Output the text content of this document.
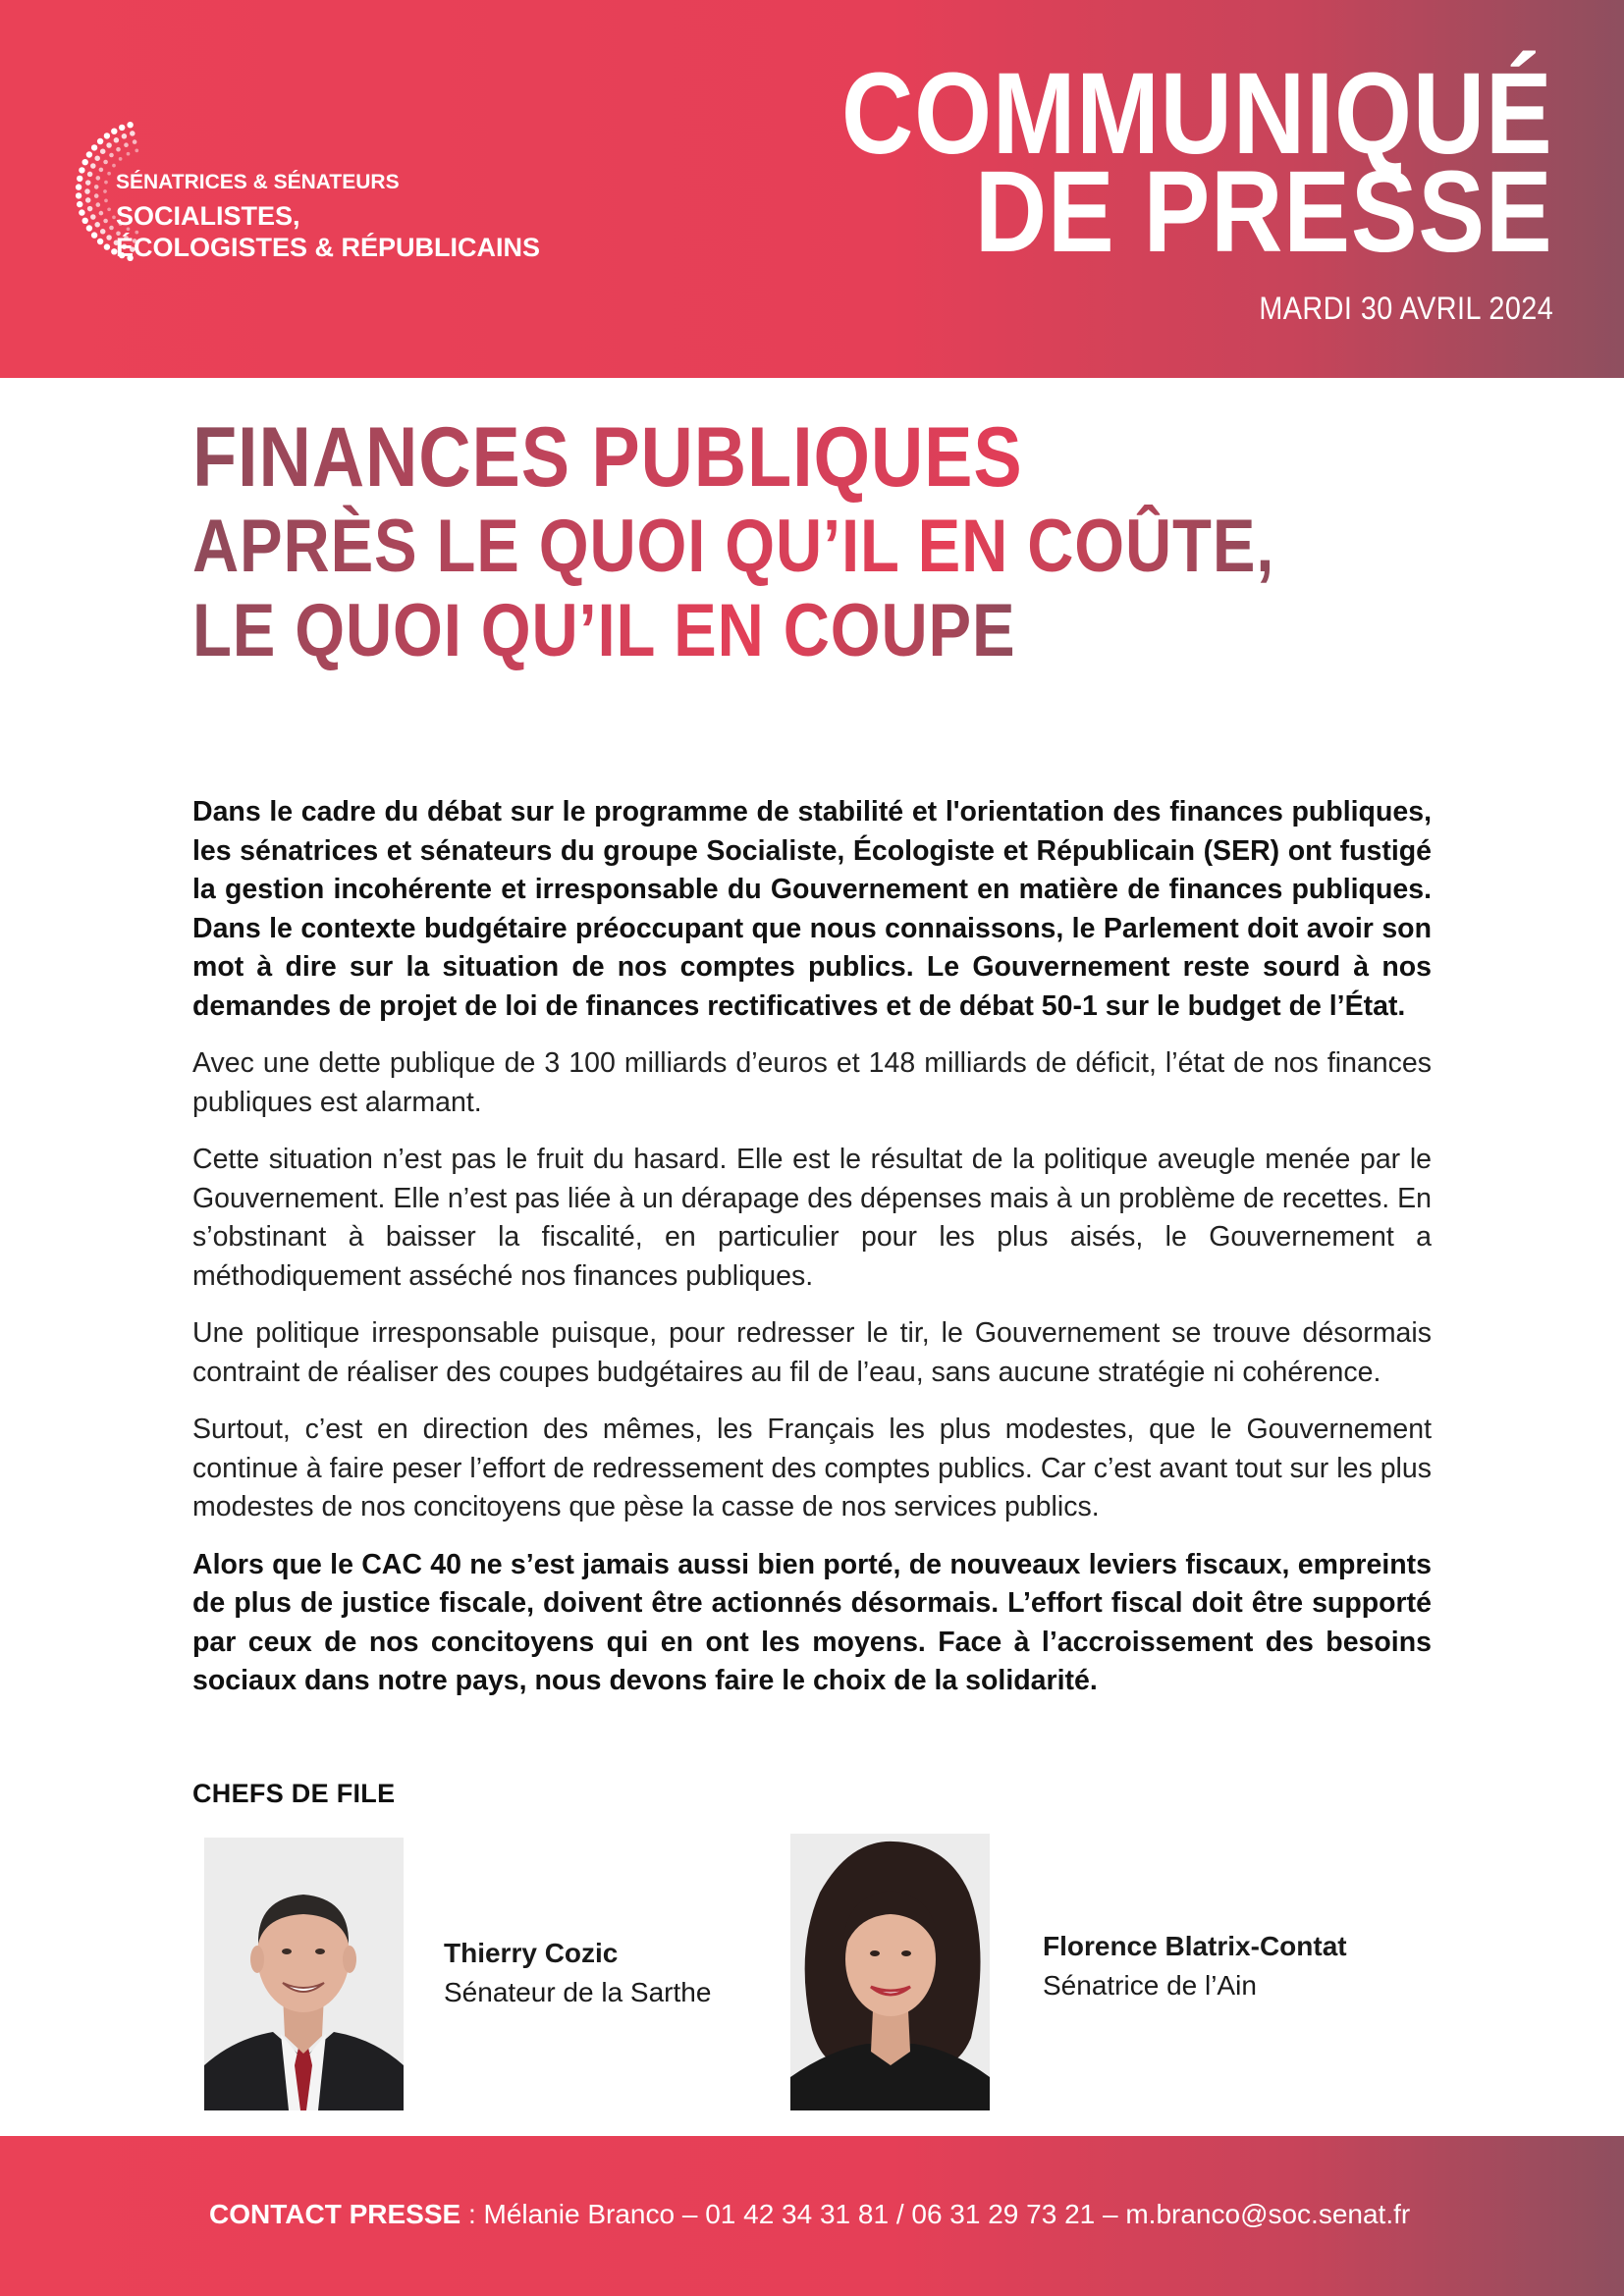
SÉNATRICES & SÉNATEURS
SOCIALISTES,
ÉCOLOGISTES & RÉPUBLICAINS
COMMUNIQUÉ
DE PRESSE
MARDI 30 AVRIL 2024
FINANCES PUBLIQUES
APRÈS LE QUOI QU’IL EN COÛTE,
LE QUOI QU’IL EN COUPE

Dans le cadre du débat sur le programme de stabilité et l'orientation des finances publiques, les sénatrices et sénateurs du groupe Socialiste, Écologiste et Républicain (SER) ont fustigé la gestion incohérente et irresponsable du Gouvernement en matière de finances publiques. Dans le contexte budgétaire préoccupant que nous connaissons, le Parlement doit avoir son mot à dire sur la situation de nos comptes publics. Le Gouvernement reste sourd à nos demandes de projet de loi de finances rectificatives et de débat 50-1 sur le budget de l’État.

Avec une dette publique de 3 100 milliards d’euros et 148 milliards de déficit, l’état de nos finances publiques est alarmant.

Cette situation n’est pas le fruit du hasard. Elle est le résultat de la politique aveugle menée par le Gouvernement. Elle n’est pas liée à un dérapage des dépenses mais à un problème de recettes. En s’obstinant à baisser la fiscalité, en particulier pour les plus aisés, le Gouvernement a méthodiquement asséché nos finances publiques.

Une politique irresponsable puisque, pour redresser le tir, le Gouvernement se trouve désormais contraint de réaliser des coupes budgétaires au fil de l’eau, sans aucune stratégie ni cohérence.

Surtout, c’est en direction des mêmes, les Français les plus modestes, que le Gouvernement continue à faire peser l’effort de redressement des comptes publics. Car c’est avant tout sur les plus modestes de nos concitoyens que pèse la casse de nos services publics.

Alors que le CAC 40 ne s’est jamais aussi bien porté, de nouveaux leviers fiscaux, empreints de plus de justice fiscale, doivent être actionnés désormais. L’effort fiscal doit être supporté par ceux de nos concitoyens qui en ont les moyens. Face à l’accroissement des besoins sociaux dans notre pays, nous devons faire le choix de la solidarité.

CHEFS DE FILE
Thierry Cozic
Sénateur de la Sarthe
Florence Blatrix-Contat
Sénatrice de l’Ain
CONTACT PRESSE : Mélanie Branco – 01 42 34 31 81 / 06 31 29 73 21 – m.branco@soc.senat.fr
